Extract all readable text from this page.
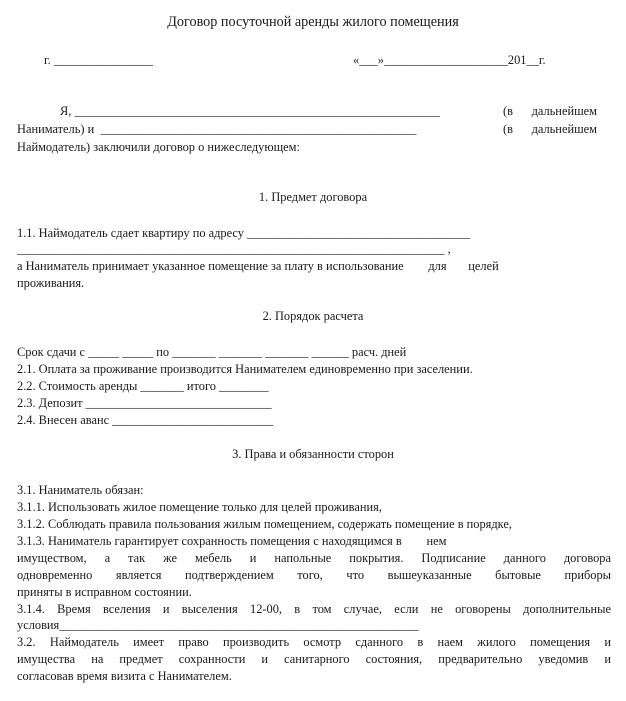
Договор посуточной аренды жилого помещения
г. ________________	«___»____________________201__г.
Я, ___________________________________________________________	(в      дальнейшем
Наниматель) и  ___________________________________________________	(в      дальнейшем
Наймодатель) заключили договор о нижеследующем:
1. Предмет договора
1.1. Наймодатель сдает квартиру по адресу ____________________________________
_____________________________________________________________________ ,
а Наниматель принимает указанное помещение за плату в использование        для       целей
проживания.
2. Порядок расчета
Срок сдачи с _____ _____ по _______ _______ _______ ______ расч. дней
2.1. Оплата за проживание производится Нанимателем единовременно при заселении.
2.2. Стоимость аренды _______ итого ________
2.3. Депозит ______________________________
2.4. Внесен аванс __________________________
3. Права и обязанности сторон
3.1. Наниматель обязан:
3.1.1. Использовать жилое помещение только для целей проживания,
3.1.2. Соблюдать правила пользования жилым помещением, содержать помещение в порядке,
3.1.3. Наниматель гарантирует сохранность помещения с находящимся в        нем
имуществом, а так же мебель и напольные покрытия. Подписание данного договора
одновременно является подтверждением того, что вышеуказанные бытовые приборы
приняты в исправном состоянии.
3.1.4. Время вселения и выселения 12-00, в том случае, если не оговорены дополнительные
условия__________________________________________________________
3.2. Наймодатель имеет право производить осмотр сданного в наем жилого помещения и
имущества на предмет сохранности и санитарного состояния, предварительно уведомив и
согласовав время визита с Нанимателем.
